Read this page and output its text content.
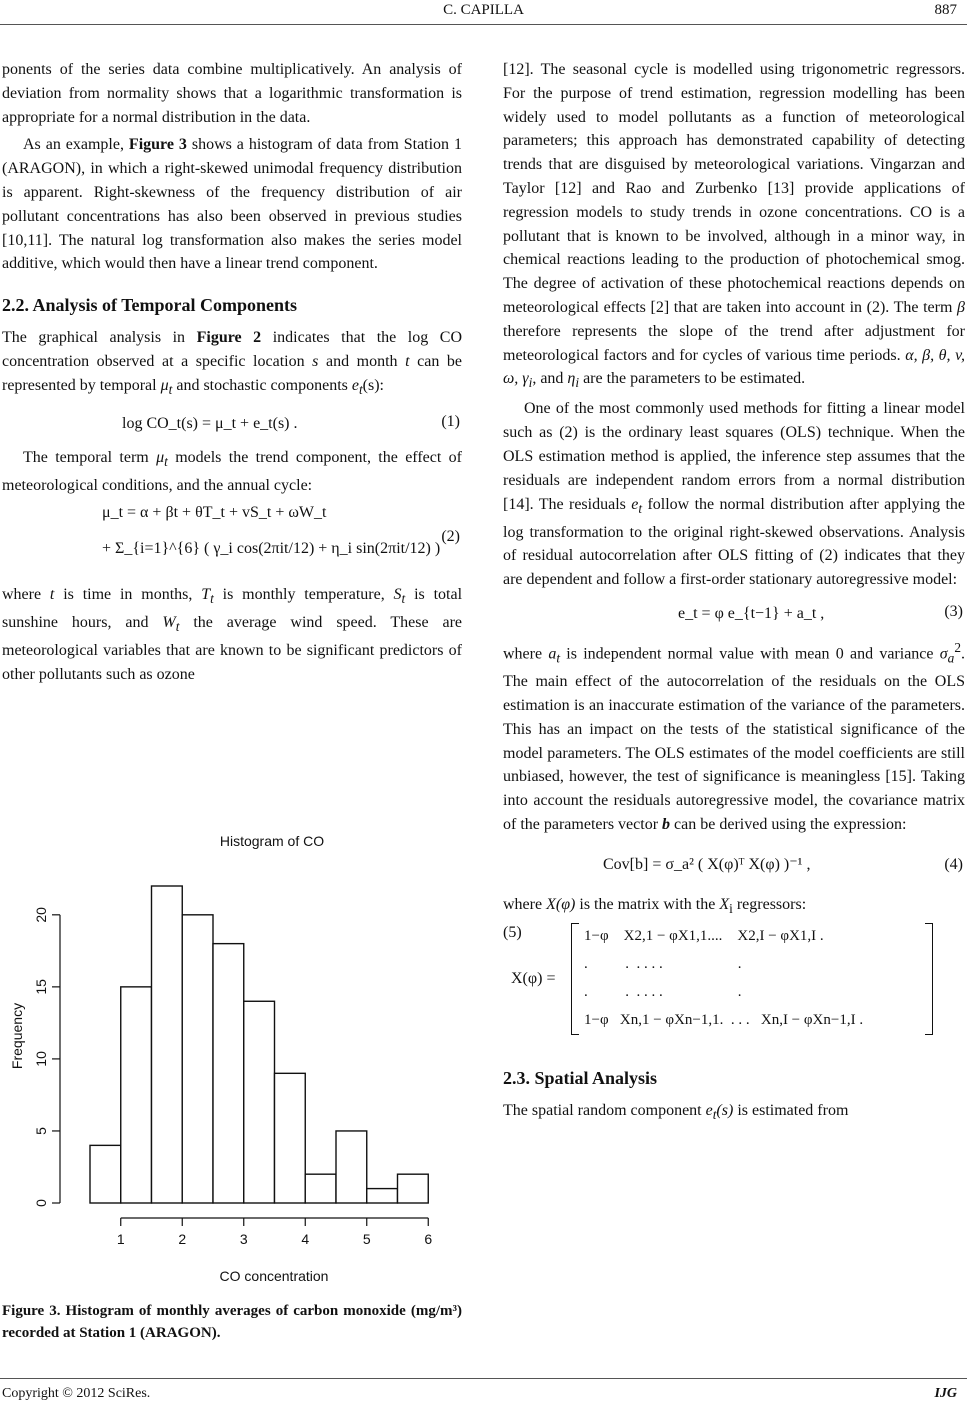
C. CAPILLA	887

ponents of the series data combine multiplicatively. An analysis of deviation from normality shows that a logarithmic transformation is appropriate for a normal distribution in the data.

As an example, Figure 3 shows a histogram of data from Station 1 (ARAGON), in which a right-skewed unimodal frequency distribution is apparent. Right-skewness of the frequency distribution of air pollutant concentrations has also been observed in previous studies [10,11]. The natural log transformation also makes the series model additive, which would then have a linear trend component.

2.2. Analysis of Temporal Components

The graphical analysis in Figure 2 indicates that the log CO concentration observed at a specific location s and month t can be represented by temporal $\mu_t$ and stochastic components $e_t(s)$:

log CO_t(s) = μ_t + e_t(s) .	(1)

The temporal term $\mu_t$ models the trend component, the effect of meteorological conditions, and the annual cycle:

μ_t = α + βt + θT_t + vS_t + ωW_t
+ Σ_{i=1}^{6} ( γ_i cos(2πit/12) + η_i sin(2πit/12) )
(2)

where t is time in months, $T_t$ is monthly temperature, $S_t$ is total sunshine hours, and $W_t$ the average wind speed. These are meteorological variables that are known to be significant predictors of other pollutants such as ozone

Histogram of CO
0
5
10
15
20
1	2	3	4	5	6
CO concentration
Frequency
Figure 3. Histogram of monthly averages of carbon monoxide (mg/m³) recorded at Station 1 (ARAGON).

[12]. The seasonal cycle is modelled using trigonometric regressors. For the purpose of trend estimation, regression modelling has been widely used to model pollutants as a function of meteorological parameters; this approach has demonstrated capability of detecting trends that are disguised by meteorological variations. Vingarzan and Taylor [12] and Rao and Zurbenko [13] provide applications of regression models to study trends in ozone concentrations. CO is a pollutant that is known to be involved, although in a minor way, in chemical reactions leading to the production of photochemical smog. The degree of activation of these photochemical reactions depends on meteorological effects [2] that are taken into account in (2). The term β therefore represents the slope of the trend after adjustment for meteorological factors and for cycles of various time periods. α, β, θ, v, ω, $\gamma_i$, and $\eta_i$ are the parameters to be estimated.

One of the most commonly used methods for fitting a linear model such as (2) is the ordinary least squares (OLS) technique. When the OLS estimation method is applied, the inference step assumes that the residuals are independent random errors from a normal distribution [14]. The residuals $e_t$ follow the normal distribution after applying the log transformation to the original right-skewed observations. Analysis of residual autocorrelation after OLS fitting of (2) indicates that they are dependent and follow a first-order stationary autoregressive model:

e_t = φ e_{t−1} + a_t ,	(3)

where $a_t$ is independent normal value with mean 0 and variance $\sigma_a^2$. The main effect of the autocorrelation of the residuals on the OLS estimation is an inaccurate estimation of the variance of the parameters. This has an impact on the tests of the statistical significance of the model parameters. The OLS estimates of the model coefficients are still unbiased, however, the test of significance is meaningless [15]. Taking into account the residuals autoregressive model, the covariance matrix of the parameters vector b can be derived using the expression:

Cov[b] = σ_a² ( X(φ)ᵀ X(φ) )⁻¹ ,	(4)

where X(φ) is the matrix with the $X_i$ regressors:

X(φ) =
1−φ    X2,1 − φX1,1....    X2,I − φX1,I .
.          .  . . . .                    .
.          .  . . . .                    .
1−φ   Xn,1 − φXn−1,1.  . . .   Xn,I − φXn−1,I .
(5)

2.3. Spatial Analysis

The spatial random component $e_t(s)$ is estimated from

Copyright © 2012 SciRes.	IJG
